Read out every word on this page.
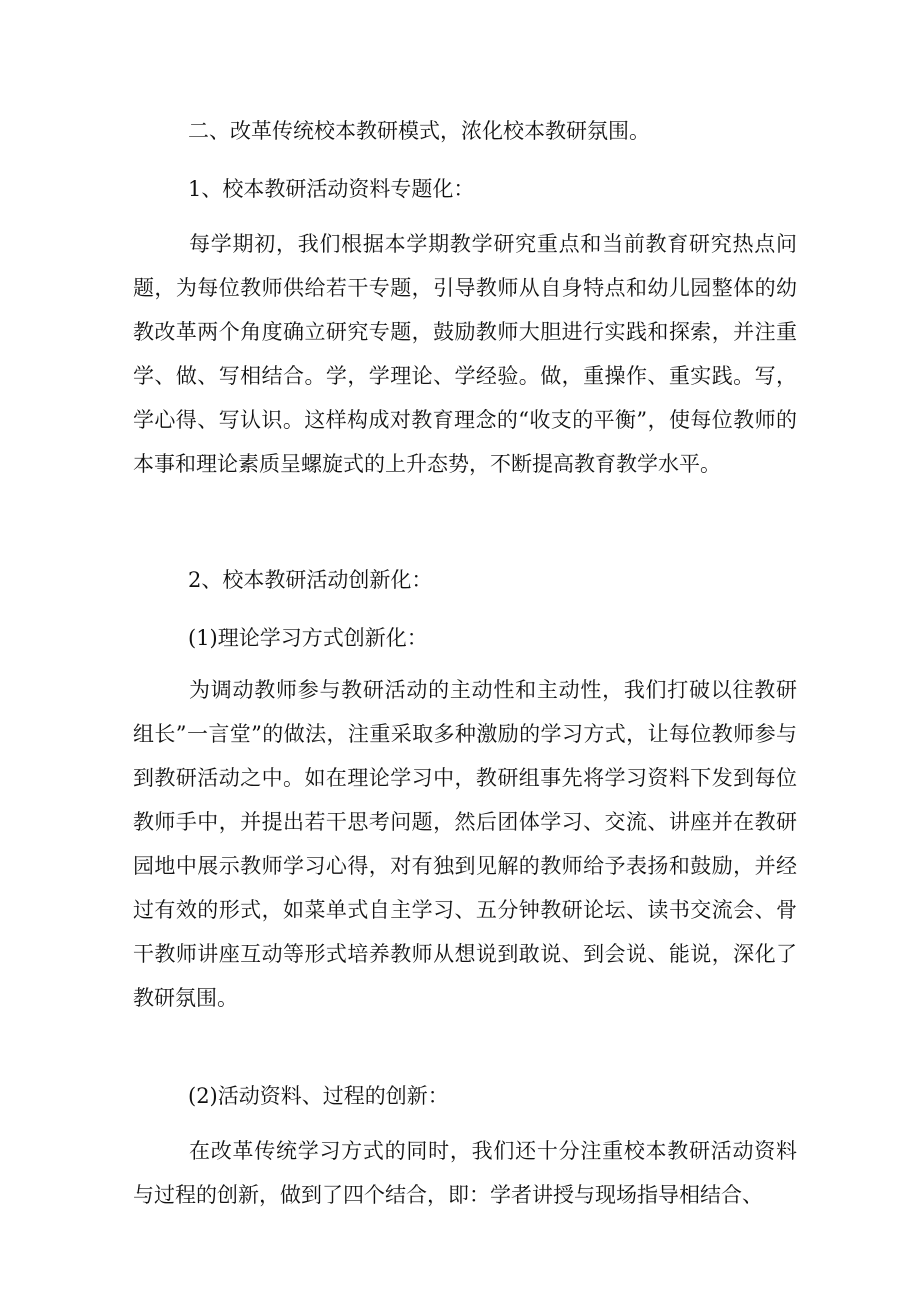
二、改革传统校本教研模式，浓化校本教研氛围。
1、校本教研活动资料专题化：

每学期初，我们根据本学期教学研究重点和当前教育研究热点问题，为每位教师供给若干专题，引导教师从自身特点和幼儿园整体的幼教改革两个角度确立研究专题，鼓励教师大胆进行实践和探索，并注重学、做、写相结合。学，学理论、学经验。做，重操作、重实践。写，学心得、写认识。这样构成对教育理念的“收支的平衡”，使每位教师的本事和理论素质呈螺旋式的上升态势，不断提高教育教学水平。

2、校本教研活动创新化：
(1)理论学习方式创新化：

为调动教师参与教研活动的主动性和主动性，我们打破以往教研组长”一言堂”的做法，注重采取多种激励的学习方式，让每位教师参与到教研活动之中。如在理论学习中，教研组事先将学习资料下发到每位教师手中，并提出若干思考问题，然后团体学习、交流、讲座并在教研园地中展示教师学习心得，对有独到见解的教师给予表扬和鼓励，并经过有效的形式，如菜单式自主学习、五分钟教研论坛、读书交流会、骨干教师讲座互动等形式培养教师从想说到敢说、到会说、能说，深化了教研氛围。

(2)活动资料、过程的创新：

在改革传统学习方式的同时，我们还十分注重校本教研活动资料与过程的创新，做到了四个结合，即：学者讲授与现场指导相结合、
